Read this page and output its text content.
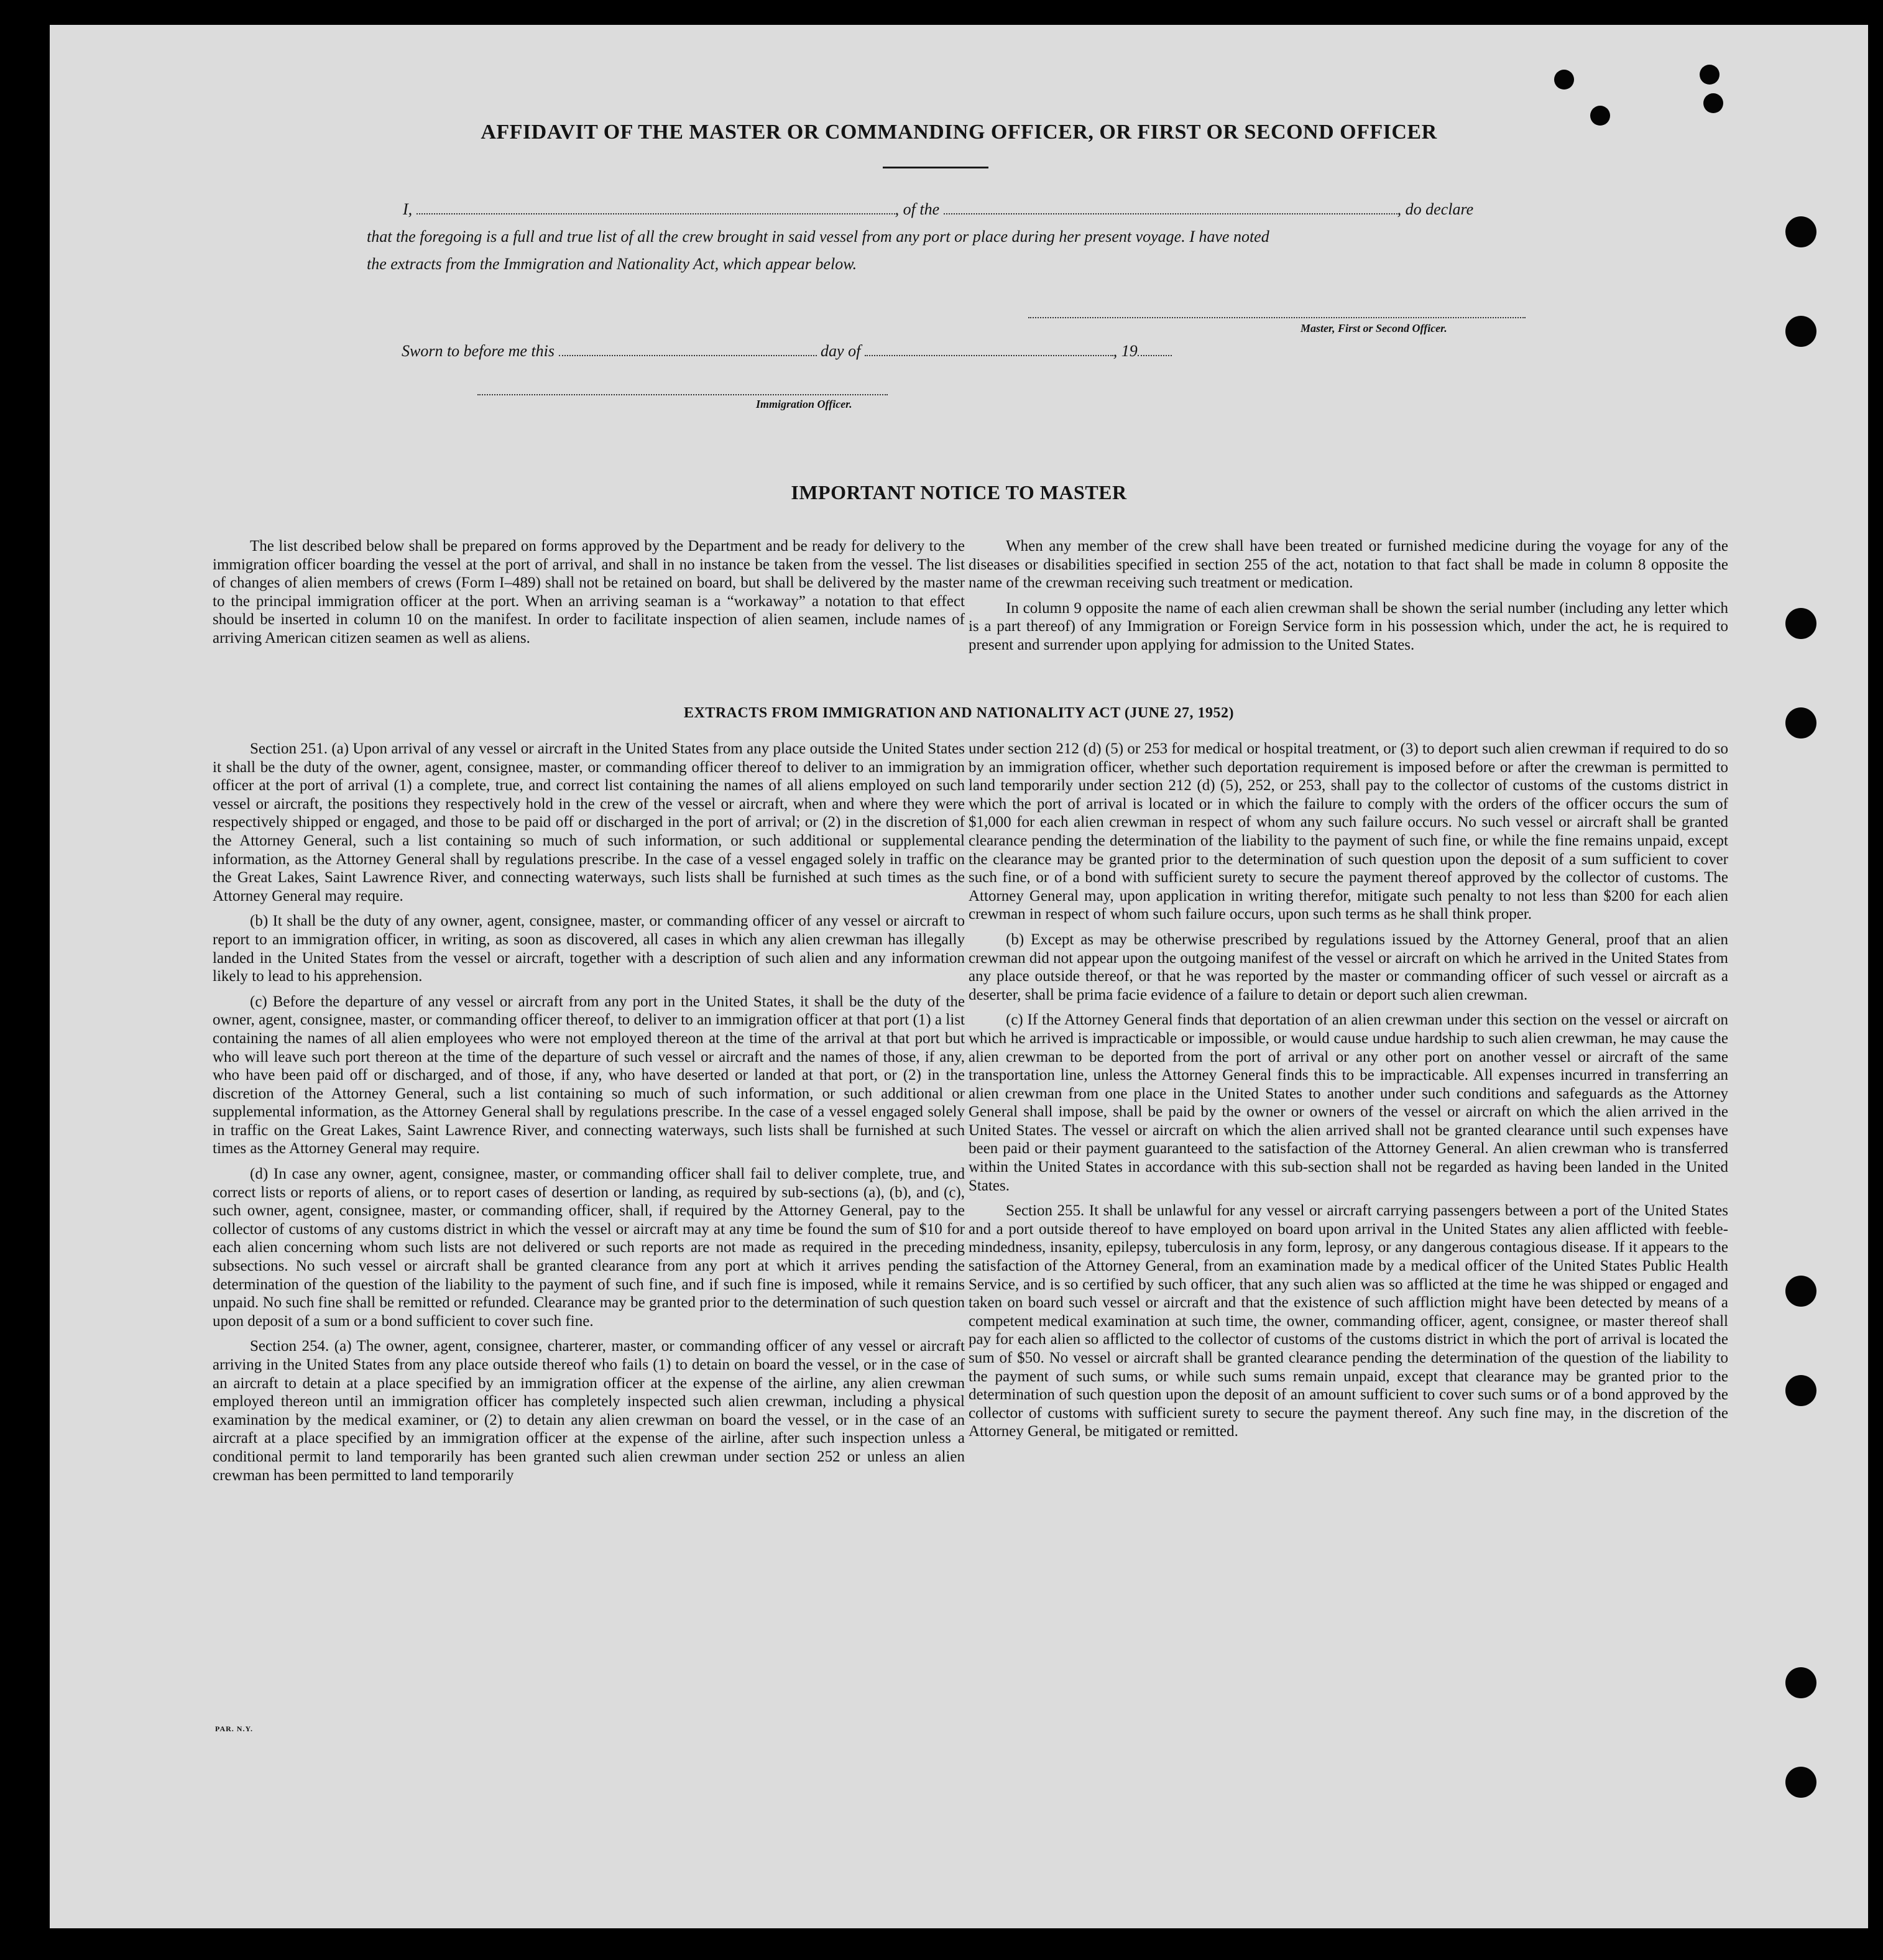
AFFIDAVIT OF THE MASTER OR COMMANDING OFFICER, OR FIRST OR SECOND OFFICER
I,	, of the	, do declare
that the foregoing is a full and true list of all the crew brought in said vessel from any port or place during her present voyage. I have noted
the extracts from the Immigration and Nationality Act, which appear below.
Master, First or Second Officer.
Sworn to before me this	day of	, 19
Immigration Officer.
IMPORTANT NOTICE TO MASTER

The list described below shall be prepared on forms approved by the Department and be ready for delivery to the immigration officer boarding the vessel at the port of arrival, and shall in no instance be taken from the vessel. The list of changes of alien members of crews (Form I–489) shall not be retained on board, but shall be delivered by the master to the principal immigration officer at the port. When an arriving seaman is a “workaway” a notation to that effect should be inserted in column 10 on the manifest. In order to facilitate inspection of alien seamen, include names of arriving American citizen seamen as well as aliens.

When any member of the crew shall have been treated or furnished medicine during the voyage for any of the diseases or disabilities specified in section 255 of the act, notation to that fact shall be made in column 8 opposite the name of the crewman receiving such treatment or medication.

In column 9 opposite the name of each alien crewman shall be shown the serial number (including any letter which is a part thereof) of any Immigration or Foreign Service form in his possession which, under the act, he is required to present and surrender upon applying for admission to the United States.

EXTRACTS FROM IMMIGRATION AND NATIONALITY ACT (JUNE 27, 1952)

Section 251. (a) Upon arrival of any vessel or aircraft in the United States from any place outside the United States it shall be the duty of the owner, agent, consignee, master, or commanding officer thereof to deliver to an immigration officer at the port of arrival (1) a complete, true, and correct list containing the names of all aliens employed on such vessel or aircraft, the positions they respectively hold in the crew of the vessel or aircraft, when and where they were respectively shipped or engaged, and those to be paid off or discharged in the port of arrival; or (2) in the discretion of the Attorney General, such a list containing so much of such information, or such additional or supplemental information, as the Attorney General shall by regulations prescribe. In the case of a vessel engaged solely in traffic on the Great Lakes, Saint Lawrence River, and connecting waterways, such lists shall be furnished at such times as the Attorney General may require.

(b) It shall be the duty of any owner, agent, consignee, master, or commanding officer of any vessel or aircraft to report to an immigration officer, in writing, as soon as discovered, all cases in which any alien crewman has illegally landed in the United States from the vessel or aircraft, together with a description of such alien and any information likely to lead to his apprehension.

(c) Before the departure of any vessel or aircraft from any port in the United States, it shall be the duty of the owner, agent, consignee, master, or commanding officer thereof, to deliver to an immigration officer at that port (1) a list containing the names of all alien employees who were not employed thereon at the time of the arrival at that port but who will leave such port thereon at the time of the departure of such vessel or aircraft and the names of those, if any, who have been paid off or discharged, and of those, if any, who have deserted or landed at that port, or (2) in the discretion of the Attorney General, such a list containing so much of such information, or such additional or supplemental information, as the Attorney General shall by regulations prescribe. In the case of a vessel engaged solely in traffic on the Great Lakes, Saint Lawrence River, and connecting waterways, such lists shall be furnished at such times as the Attorney General may require.

(d) In case any owner, agent, consignee, master, or commanding officer shall fail to deliver complete, true, and correct lists or reports of aliens, or to report cases of desertion or landing, as required by sub-sections (a), (b), and (c), such owner, agent, consignee, master, or commanding officer, shall, if required by the Attorney General, pay to the collector of customs of any customs district in which the vessel or aircraft may at any time be found the sum of $10 for each alien concerning whom such lists are not delivered or such reports are not made as required in the preceding subsections. No such vessel or aircraft shall be granted clearance from any port at which it arrives pending the determination of the question of the liability to the payment of such fine, and if such fine is imposed, while it remains unpaid. No such fine shall be remitted or refunded. Clearance may be granted prior to the determination of such question upon deposit of a sum or a bond sufficient to cover such fine.

Section 254. (a) The owner, agent, consignee, charterer, master, or commanding officer of any vessel or aircraft arriving in the United States from any place outside thereof who fails (1) to detain on board the vessel, or in the case of an aircraft to detain at a place specified by an immigration officer at the expense of the airline, any alien crewman employed thereon until an immigration officer has completely inspected such alien crewman, including a physical examination by the medical examiner, or (2) to detain any alien crewman on board the vessel, or in the case of an aircraft at a place specified by an immigration officer at the expense of the airline, after such inspection unless a conditional permit to land temporarily has been granted such alien crewman under section 252 or unless an alien crewman has been permitted to land temporarily

under section 212 (d) (5) or 253 for medical or hospital treatment, or (3) to deport such alien crewman if required to do so by an immigration officer, whether such deportation requirement is imposed before or after the crewman is permitted to land temporarily under section 212 (d) (5), 252, or 253, shall pay to the collector of customs of the customs district in which the port of arrival is located or in which the failure to comply with the orders of the officer occurs the sum of $1,000 for each alien crewman in respect of whom any such failure occurs. No such vessel or aircraft shall be granted clearance pending the determination of the liability to the payment of such fine, or while the fine remains unpaid, except the clearance may be granted prior to the determination of such question upon the deposit of a sum sufficient to cover such fine, or of a bond with sufficient surety to secure the payment thereof approved by the collector of customs. The Attorney General may, upon application in writing therefor, mitigate such penalty to not less than $200 for each alien crewman in respect of whom such failure occurs, upon such terms as he shall think proper.

(b) Except as may be otherwise prescribed by regulations issued by the Attorney General, proof that an alien crewman did not appear upon the outgoing manifest of the vessel or aircraft on which he arrived in the United States from any place outside thereof, or that he was reported by the master or commanding officer of such vessel or aircraft as a deserter, shall be prima facie evidence of a failure to detain or deport such alien crewman.

(c) If the Attorney General finds that deportation of an alien crewman under this section on the vessel or aircraft on which he arrived is impracticable or impossible, or would cause undue hardship to such alien crewman, he may cause the alien crewman to be deported from the port of arrival or any other port on another vessel or aircraft of the same transportation line, unless the Attorney General finds this to be impracticable. All expenses incurred in transferring an alien crewman from one place in the United States to another under such conditions and safeguards as the Attorney General shall impose, shall be paid by the owner or owners of the vessel or aircraft on which the alien arrived in the United States. The vessel or aircraft on which the alien arrived shall not be granted clearance until such expenses have been paid or their payment guaranteed to the satisfaction of the Attorney General. An alien crewman who is transferred within the United States in accordance with this sub-section shall not be regarded as having been landed in the United States.

Section 255. It shall be unlawful for any vessel or aircraft carrying passengers between a port of the United States and a port outside thereof to have employed on board upon arrival in the United States any alien afflicted with feeble-mindedness, insanity, epilepsy, tuberculosis in any form, leprosy, or any dangerous contagious disease. If it appears to the satisfaction of the Attorney General, from an examination made by a medical officer of the United States Public Health Service, and is so certified by such officer, that any such alien was so afflicted at the time he was shipped or engaged and taken on board such vessel or aircraft and that the existence of such affliction might have been detected by means of a competent medical examination at such time, the owner, commanding officer, agent, consignee, or master thereof shall pay for each alien so afflicted to the collector of customs of the customs district in which the port of arrival is located the sum of $50. No vessel or aircraft shall be granted clearance pending the determination of the question of the liability to the payment of such sums, or while such sums remain unpaid, except that clearance may be granted prior to the determination of such question upon the deposit of an amount sufficient to cover such sums or of a bond approved by the collector of customs with sufficient surety to secure the payment thereof. Any such fine may, in the discretion of the Attorney General, be mitigated or remitted.

PAR. N.Y.
